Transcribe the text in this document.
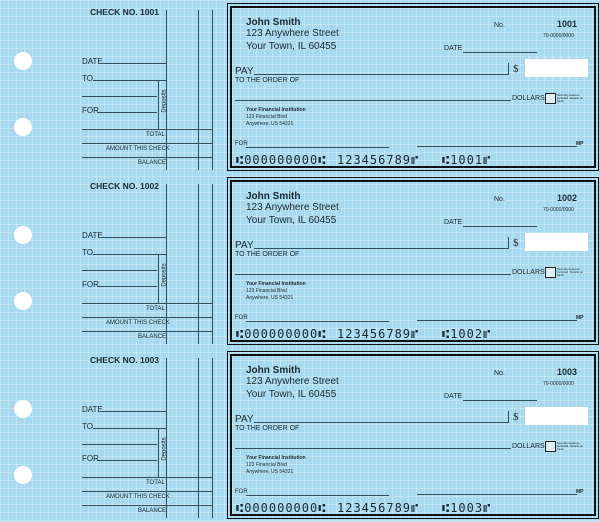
CHECK NO. 1001
DATE
TO
FOR	Deposits
TOTAL
AMOUNT THIS CHECK
BALANCE
John Smith
123 Anywhere Street
Your Town, IL 60455
No.	1001
70-0000/0000
DATE
PAY
TO THE ORDER OF
$
DOLLARS	Security features included. Details on back.
Your Financial Institution
123 Financial Blvd
Anywhere, US 54321
FOR	MP
⑆000000000⑆ 123456789⑈ ⑆1001⑈
CHECK NO. 1002
DATE
TO
FOR	Deposits
TOTAL
AMOUNT THIS CHECK
BALANCE
John Smith
123 Anywhere Street
Your Town, IL 60455
No.	1002
70-0000/0000
DATE
PAY
TO THE ORDER OF
$
DOLLARS	Security features included. Details on back.
Your Financial Institution
123 Financial Blvd
Anywhere, US 54321
FOR	MP
⑆000000000⑆ 123456789⑈ ⑆1002⑈
CHECK NO. 1003
DATE
TO
FOR	Deposits
TOTAL
AMOUNT THIS CHECK
BALANCE
John Smith
123 Anywhere Street
Your Town, IL 60455
No.	1003
70-0000/0000
DATE
PAY
TO THE ORDER OF
$
DOLLARS	Security features included. Details on back.
Your Financial Institution
123 Financial Blvd
Anywhere, US 54321
FOR	MP
⑆000000000⑆ 123456789⑈ ⑆1003⑈
